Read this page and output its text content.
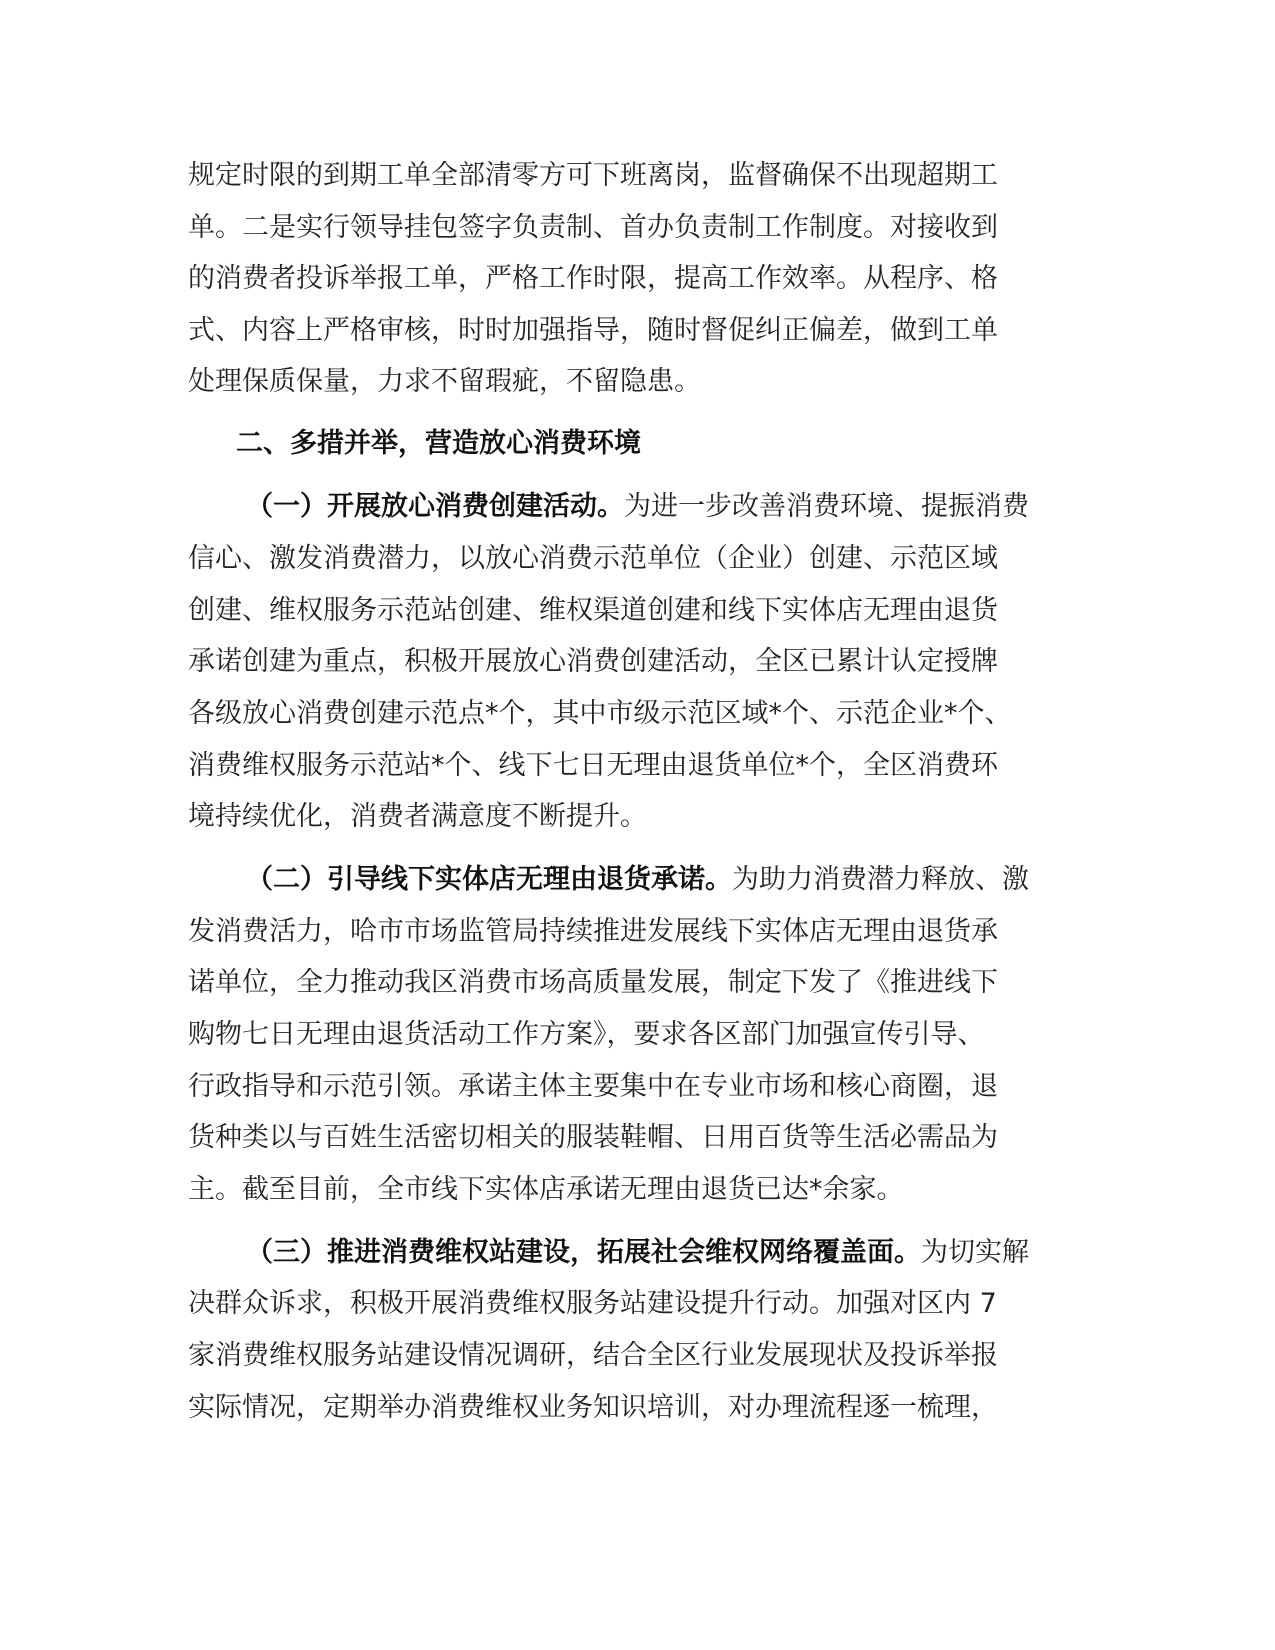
规定时限的到期工单全部清零方可下班离岗，监督确保不出现超期工
单。二是实行领导挂包签字负责制、首办负责制工作制度。对接收到
的消费者投诉举报工单，严格工作时限，提高工作效率。从程序、格
式、内容上严格审核，时时加强指导，随时督促纠正偏差，做到工单
处理保质保量，力求不留瑕疵，不留隐患。
二、多措并举，营造放心消费环境
（一）开展放心消费创建活动。为进一步改善消费环境、提振消费
信心、激发消费潜力，以放心消费示范单位（企业）创建、示范区域
创建、维权服务示范站创建、维权渠道创建和线下实体店无理由退货
承诺创建为重点，积极开展放心消费创建活动，全区已累计认定授牌
各级放心消费创建示范点*个，其中市级示范区域*个、示范企业*个、
消费维权服务示范站*个、线下七日无理由退货单位*个，全区消费环
境持续优化，消费者满意度不断提升。
（二）引导线下实体店无理由退货承诺。为助力消费潜力释放、激
发消费活力，哈市市场监管局持续推进发展线下实体店无理由退货承
诺单位，全力推动我区消费市场高质量发展，制定下发了《推进线下
购物七日无理由退货活动工作方案》，要求各区部门加强宣传引导、
行政指导和示范引领。承诺主体主要集中在专业市场和核心商圈，退
货种类以与百姓生活密切相关的服装鞋帽、日用百货等生活必需品为
主。截至目前，全市线下实体店承诺无理由退货已达*余家。
（三）推进消费维权站建设，拓展社会维权网络覆盖面。为切实解
决群众诉求，积极开展消费维权服务站建设提升行动。加强对区内 7
家消费维权服务站建设情况调研，结合全区行业发展现状及投诉举报
实际情况，定期举办消费维权业务知识培训，对办理流程逐一梳理，
